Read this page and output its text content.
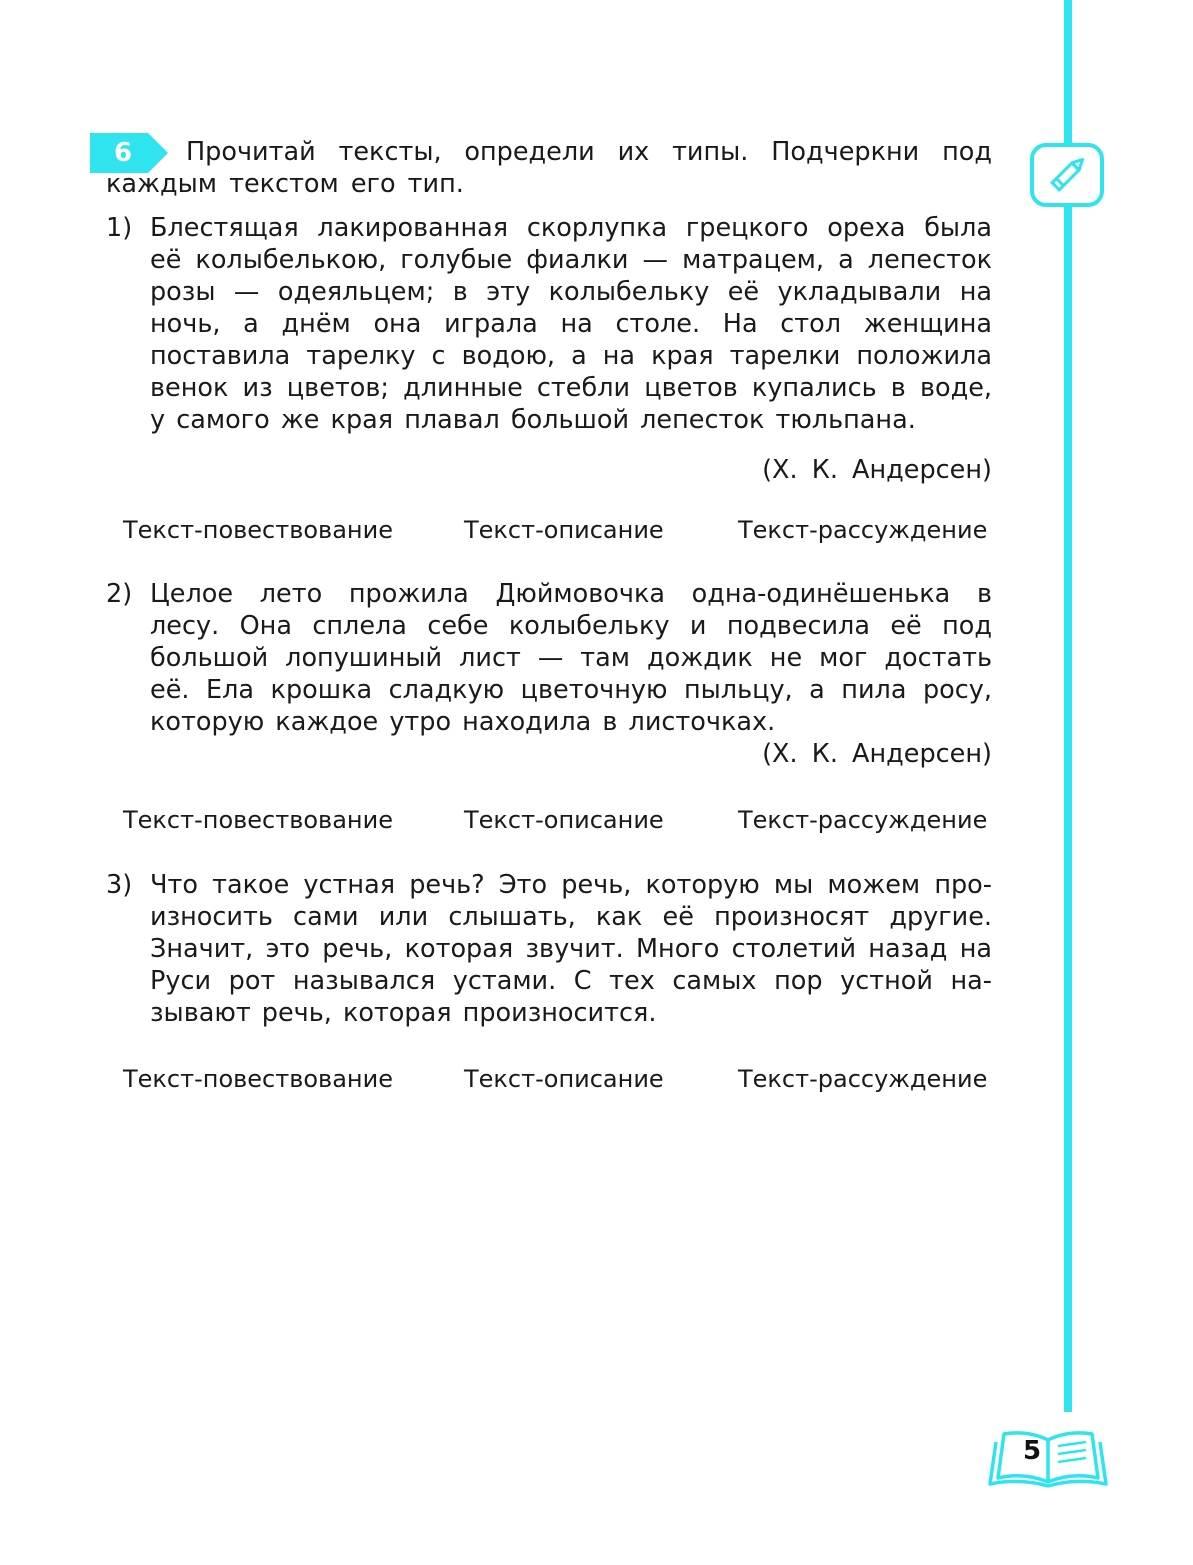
6	Прочитай тексты, определи их типы. Подчеркни под каждым текстом его тип.

1) Блестящая лакированная скорлупка грецкого ореха была её колыбелькою, голубые фиалки — матрацем, а лепесток розы — одеяльцем; в эту колыбельку её укладывали на ночь, а днём она играла на столе. На стол женщина поставила тарелку с водою, а на края тарелки положила венок из цветов; длинные стебли цветов купались в воде, у самого же края плавал большой лепесток тюльпана.

(Х. К. Андерсен)

Текст-повествование	Текст-описание	Текст-рассуждение
2) Целое лето прожила Дюймовочка одна-одинёшенька в лесу. Она сплела себе колыбельку и подвесила её под большой лопушиный лист — там дождик не мог достать её. Ела крошка сладкую цветочную пыльцу, а пила росу, которую каждое утро находила в листочках.

(Х. К. Андерсен)

Текст-повествование	Текст-описание	Текст-рассуждение
3) Что такое устная речь? Это речь, которую мы можем произносить сами или слышать, как её произносят другие. Значит, это речь, которая звучит. Много столетий назад на Руси рот назывался устами. С тех самых пор устной называют речь, которая произносится.

Текст-повествование	Текст-описание	Текст-рассуждение
5
